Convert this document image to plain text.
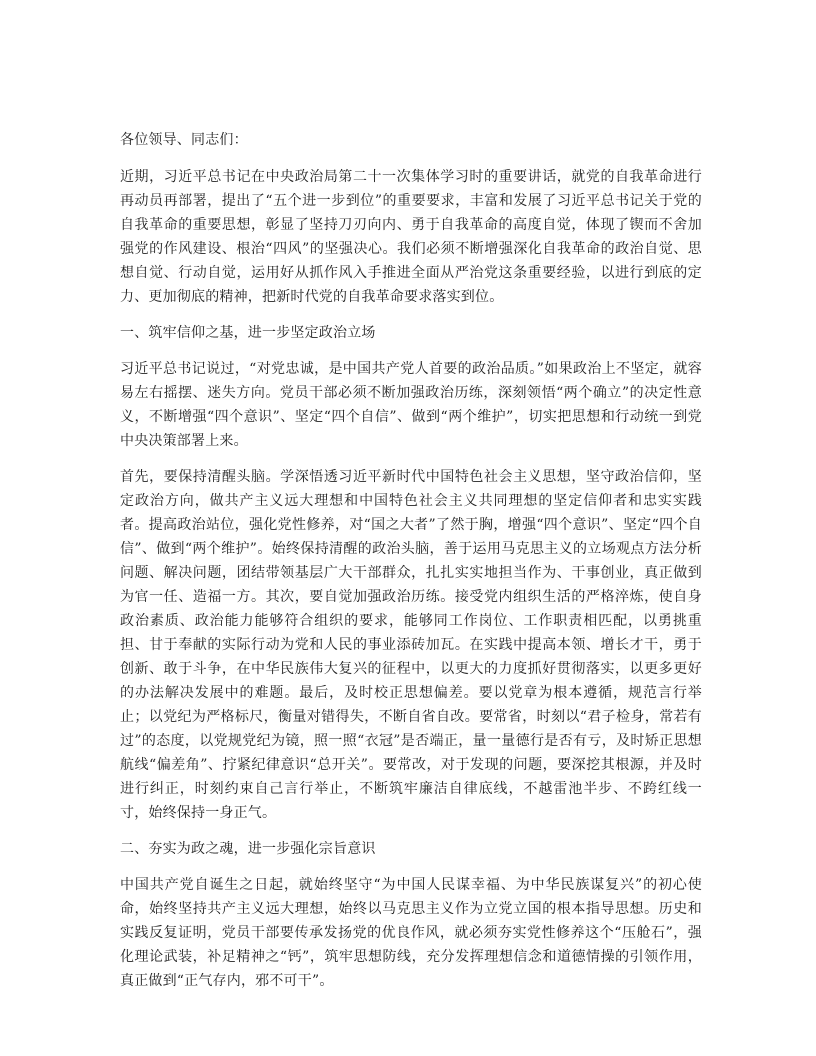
各位领导、同志们：

近期，习近平总书记在中央政治局第二十一次集体学习时的重要讲话，就党的自我革命进行再动员再部署，提出了“五个进一步到位”的重要要求，丰富和发展了习近平总书记关于党的自我革命的重要思想，彰显了坚持刀刃向内、勇于自我革命的高度自觉，体现了锲而不舍加强党的作风建设、根治“四风”的坚强决心。我们必须不断增强深化自我革命的政治自觉、思想自觉、行动自觉，运用好从抓作风入手推进全面从严治党这条重要经验，以进行到底的定力、更加彻底的精神，把新时代党的自我革命要求落实到位。

一、筑牢信仰之基，进一步坚定政治立场

习近平总书记说过，“对党忠诚，是中国共产党人首要的政治品质。”如果政治上不坚定，就容易左右摇摆、迷失方向。党员干部必须不断加强政治历练，深刻领悟“两个确立”的决定性意义，不断增强“四个意识”、坚定“四个自信”、做到“两个维护”，切实把思想和行动统一到党中央决策部署上来。

首先，要保持清醒头脑。学深悟透习近平新时代中国特色社会主义思想，坚守政治信仰，坚定政治方向，做共产主义远大理想和中国特色社会主义共同理想的坚定信仰者和忠实实践者。提高政治站位，强化党性修养，对“国之大者”了然于胸，增强“四个意识”、坚定“四个自信”、做到“两个维护”。始终保持清醒的政治头脑，善于运用马克思主义的立场观点方法分析问题、解决问题，团结带领基层广大干部群众，扎扎实实地担当作为、干事创业，真正做到为官一任、造福一方。其次，要自觉加强政治历练。接受党内组织生活的严格淬炼，使自身政治素质、政治能力能够符合组织的要求，能够同工作岗位、工作职责相匹配，以勇挑重担、甘于奉献的实际行动为党和人民的事业添砖加瓦。在实践中提高本领、增长才干，勇于创新、敢于斗争，在中华民族伟大复兴的征程中，以更大的力度抓好贯彻落实，以更多更好的办法解决发展中的难题。最后，及时校正思想偏差。要以党章为根本遵循，规范言行举止；以党纪为严格标尺，衡量对错得失，不断自省自改。要常省，时刻以“君子检身，常若有过”的态度，以党规党纪为镜，照一照“衣冠”是否端正，量一量德行是否有亏，及时矫正思想航线“偏差角”、拧紧纪律意识“总开关”。要常改，对于发现的问题，要深挖其根源，并及时进行纠正，时刻约束自己言行举止，不断筑牢廉洁自律底线，不越雷池半步、不跨红线一寸，始终保持一身正气。

二、夯实为政之魂，进一步强化宗旨意识

中国共产党自诞生之日起，就始终坚守“为中国人民谋幸福、为中华民族谋复兴”的初心使命，始终坚持共产主义远大理想，始终以马克思主义作为立党立国的根本指导思想。历史和实践反复证明，党员干部要传承发扬党的优良作风，就必须夯实党性修养这个“压舱石”，强化理论武装，补足精神之“钙”，筑牢思想防线，充分发挥理想信念和道德情操的引领作用，真正做到“正气存内，邪不可干”。
